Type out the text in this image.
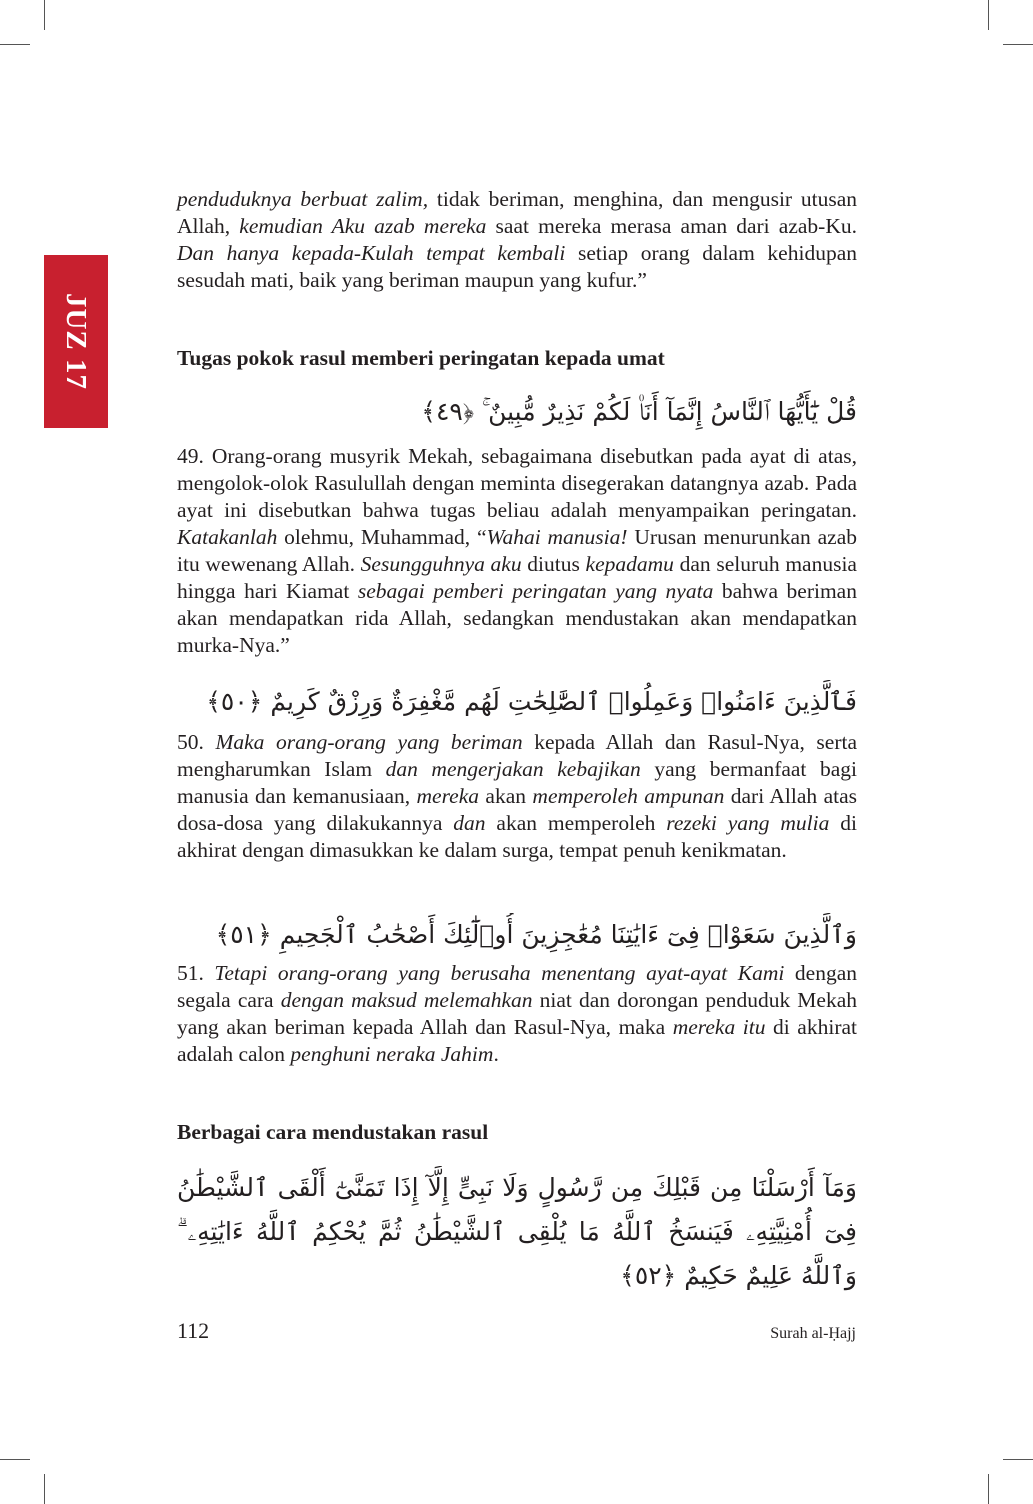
JUZ 17

penduduknya berbuat zalim, tidak beriman, menghina, dan mengusir utusan Allah, kemudian Aku azab mereka saat mereka merasa aman dari azab-Ku. Dan hanya kepada-Kulah tempat kembali setiap orang dalam kehidupan sesudah mati, baik yang beriman maupun yang kufur.”

Tugas pokok rasul memberi peringatan kepada umat
قُلْ يَٰٓأَيُّهَا ٱلنَّاسُ إِنَّمَآ أَنَا۠ لَكُمْ نَذِيرٌ مُّبِينٌ ۚ ﴿٤٩﴾

49. Orang-orang musyrik Mekah, sebagaimana disebutkan pada ayat di atas, mengolok-olok Rasulullah dengan meminta disegerakan datangnya azab. Pada ayat ini disebutkan bahwa tugas beliau adalah menyampaikan peringatan. Katakanlah olehmu, Muhammad, “Wahai manusia! Urusan menurunkan azab itu wewenang Allah. Sesungguhnya aku diutus kepadamu dan seluruh manusia hingga hari Kiamat sebagai pemberi peringatan yang nyata bahwa beriman akan mendapatkan rida Allah, sedangkan mendustakan akan mendapatkan murka-Nya.”

فَٱلَّذِينَ ءَامَنُوا۟ وَعَمِلُوا۟ ٱلصَّٰلِحَٰتِ لَهُم مَّغْفِرَةٌ وَرِزْقٌ كَرِيمٌ ﴿٥٠﴾

50. Maka orang-orang yang beriman kepada Allah dan Rasul-Nya, serta mengharumkan Islam dan mengerjakan kebajikan yang bermanfaat bagi manusia dan kemanusiaan, mereka akan memperoleh ampunan dari Allah atas dosa-dosa yang dilakukannya dan akan memperoleh rezeki yang mulia di akhirat dengan dimasukkan ke dalam surga, tempat penuh kenikmatan.

وَٱلَّذِينَ سَعَوْا۟ فِىٓ ءَايَٰتِنَا مُعَٰجِزِينَ أُو۟لَٰٓئِكَ أَصْحَٰبُ ٱلْجَحِيمِ ﴿٥١﴾

51. Tetapi orang-orang yang berusaha menentang ayat-ayat Kami dengan segala cara dengan maksud melemahkan niat dan dorongan penduduk Mekah yang akan beriman kepada Allah dan Rasul-Nya, maka mereka itu di akhirat adalah calon penghuni neraka Jahim.

Berbagai cara mendustakan rasul
وَمَآ أَرْسَلْنَا مِن قَبْلِكَ مِن رَّسُولٍ وَلَا نَبِىٍّ إِلَّآ إِذَا تَمَنَّىٰٓ أَلْقَى ٱلشَّيْطَٰنُ فِىٓ أُمْنِيَّتِهِۦ فَيَنسَخُ ٱللَّهُ مَا يُلْقِى ٱلشَّيْطَٰنُ ثُمَّ يُحْكِمُ ٱللَّهُ ءَايَٰتِهِۦ ۗ وَٱللَّهُ عَلِيمٌ حَكِيمٌ ﴿٥٢﴾
112	Surah al-Ḥajj
